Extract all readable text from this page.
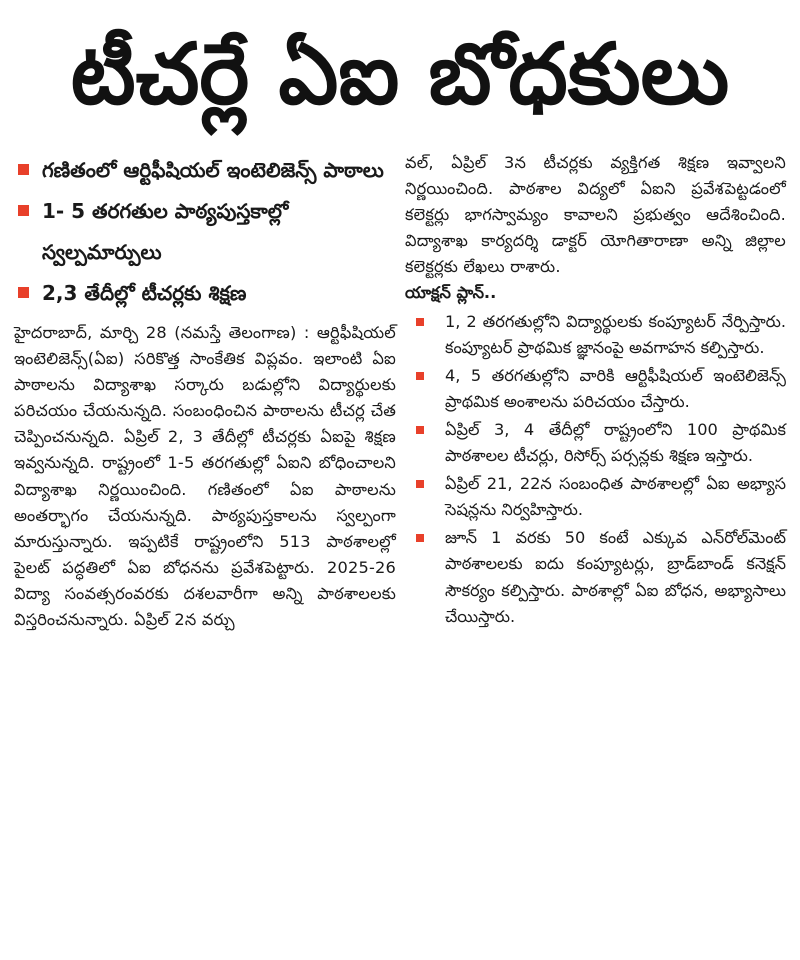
టీచర్లే ఏఐ బోధకులు
గణితంలో ఆర్టిఫీషియల్ ఇంటెలిజెన్స్ పాఠాలు
1- 5 తరగతుల పాఠ్యపుస్తకాల్లో స్వల్పమార్పులు
2,3 తేదీల్లో టీచర్లకు శిక్షణ

హైదరాబాద్, మార్చి 28 (నమస్తే తెలంగాణ) : ఆర్టిఫీషియల్ ఇంటెలిజెన్స్(ఏఐ) సరికొత్త సాంకేతిక విప్లవం. ఇలాంటి ఏఐ పాఠాలను విద్యాశాఖ సర్కారు బడుల్లోని విద్యార్థులకు పరిచయం చేయనున్నది. సంబంధించిన పాఠాలను టీచర్ల చేత చెప్పించనున్నది. ఏప్రిల్ 2, 3 తేదీల్లో టీచర్లకు ఏఐపై శిక్షణ ఇవ్వనున్నది. రాష్ట్రంలో 1-5 తరగతుల్లో ఏఐని బోధించాలని విద్యాశాఖ నిర్ణయించింది. గణితంలో ఏఐ పాఠాలను అంతర్భాగం చేయనున్నది. పాఠ్యపుస్తకాలను స్వల్పంగా మారుస్తున్నారు. ఇప్పటికే రాష్ట్రంలోని 513 పాఠశాలల్లో పైలట్ పద్ధతిలో ఏఐ బోధనను ప్రవేశపెట్టారు. 2025-26 విద్యా సంవత్సరంవరకు దశలవారీగా అన్ని పాఠశాలలకు విస్తరించనున్నారు. ఏప్రిల్ 2న వర్చు

వల్, ఏప్రిల్ 3న టీచర్లకు వ్యక్తిగత శిక్షణ ఇవ్వాలని నిర్ణయించింది. పాఠశాల విద్యలో ఏఐని ప్రవేశపెట్టడంలో కలెక్టర్లు భాగస్వామ్యం కావాలని ప్రభుత్వం ఆదేశించింది. విద్యాశాఖ కార్యదర్శి డాక్టర్ యోగితారాణా అన్ని జిల్లాల కలెక్టర్లకు లేఖలు రాశారు.

యాక్షన్ ప్లాన్..

1, 2 తరగతుల్లోని విద్యార్థులకు కంప్యూటర్ నేర్పిస్తారు. కంప్యూటర్ ప్రాథమిక జ్ఞానంపై అవగాహన కల్పిస్తారు.
4, 5 తరగతుల్లోని వారికి ఆర్టిఫీషియల్ ఇంటెలిజెన్స్ ప్రాథమిక అంశాలను పరిచయం చేస్తారు.
ఏప్రిల్ 3, 4 తేదీల్లో రాష్ట్రంలోని 100 ప్రాథమిక పాఠశాలల టీచర్లు, రిసోర్స్ పర్సన్లకు శిక్షణ ఇస్తారు.
ఏప్రిల్ 21, 22న సంబంధిత పాఠశాలల్లో ఏఐ అభ్యాస సెషన్లను నిర్వహిస్తారు.
జూన్ 1 వరకు 50 కంటే ఎక్కువ ఎన్‌రోల్‌మెంట్ పాఠశాలలకు ఐదు కంప్యూటర్లు, బ్రాడ్‌బాండ్ కనెక్షన్ సౌకర్యం కల్పిస్తారు. పాఠశాల్లో ఏఐ బోధన, అభ్యాసాలు చేయిస్తారు.
